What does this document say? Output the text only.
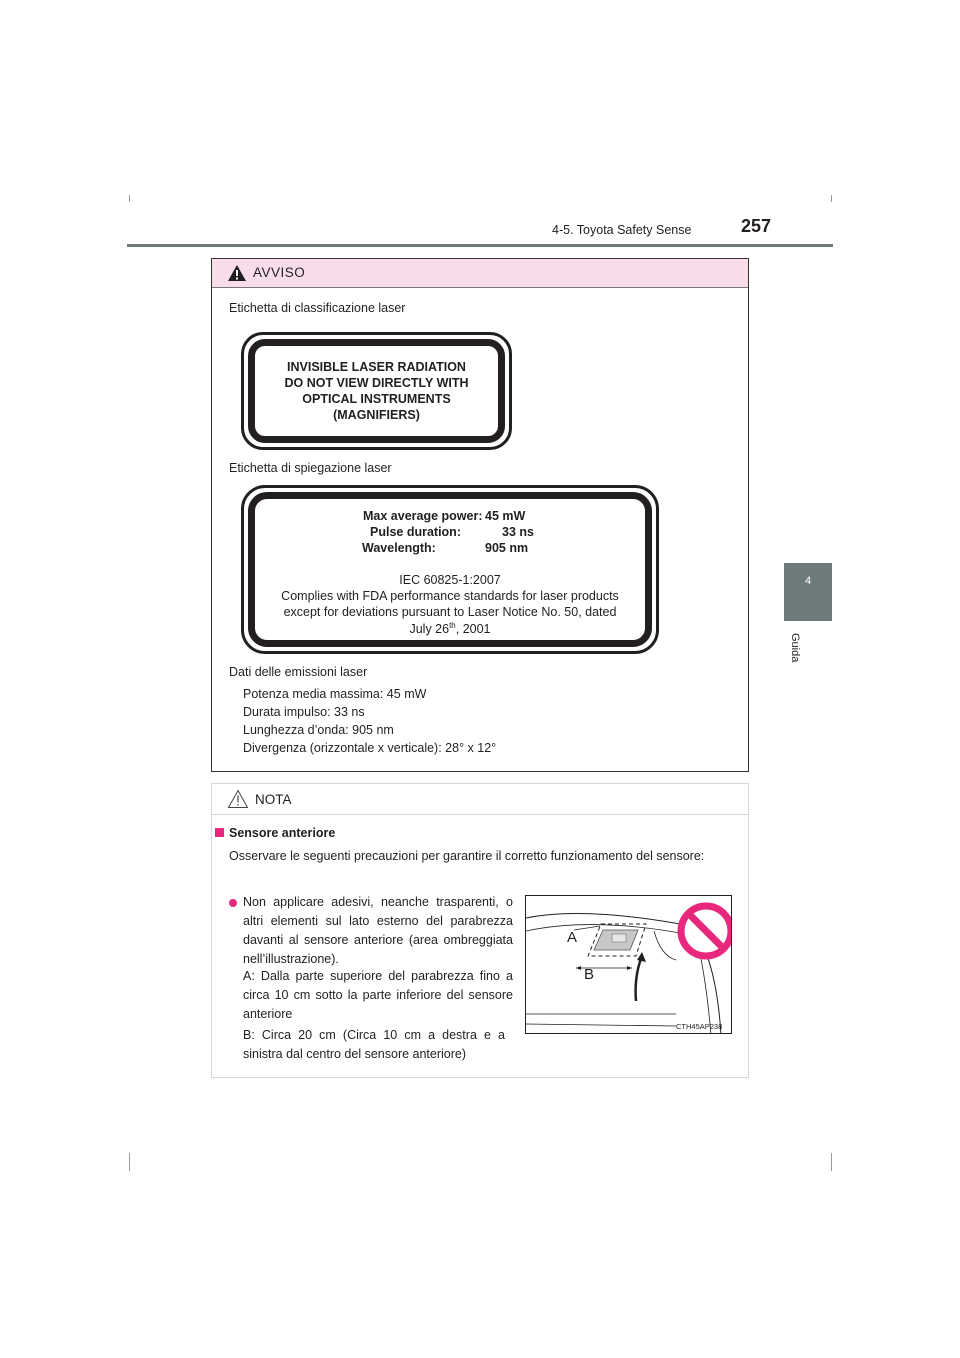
4-5. Toyota Safety Sense	257
4
Guida
AVVISO
Etichetta di classificazione laser
INVISIBLE LASER RADIATION
DO NOT VIEW DIRECTLY WITH
OPTICAL INSTRUMENTS
(MAGNIFIERS)
Etichetta di spiegazione laser
Max average power: 45 mW
Pulse duration:	33 ns
Wavelength:	905 nm
IEC 60825-1:2007
Complies with FDA performance standards for laser products
except for deviations pursuant to Laser Notice No. 50, dated
July 26th, 2001
Dati delle emissioni laser
Potenza media massima: 45 mW
Durata impulso: 33 ns
Lunghezza d’onda: 905 nm
Divergenza (orizzontale x verticale): 28° x 12°
NOTA
Sensore anteriore
Osservare le seguenti precauzioni per garantire il corretto funzionamento del sensore:
Non applicare adesivi, neanche trasparenti, o altri elementi sul lato esterno del parabrezza davanti al sensore anteriore (area ombreggiata nell’illustrazione).
A: Dalla parte superiore del parabrezza fino a circa 10 cm sotto la parte inferiore del sensore anteriore
B: Circa 20 cm (Circa 10 cm a destra e a sinistra dal centro del sensore anteriore)
A
B
CTH45AP238
